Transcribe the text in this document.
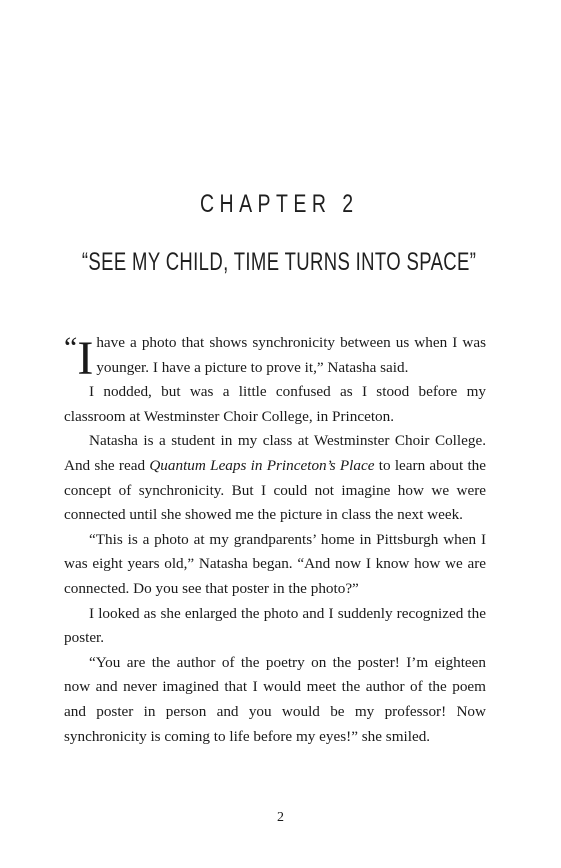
CHAPTER 2
“SEE MY CHILD, TIME TURNS INTO SPACE”

“ I have a photo that shows synchronicity between us when I was younger. I have a picture to prove it,” Natasha said.

I nodded, but was a little confused as I stood before my classroom at Westminster Choir College, in Princeton.

Natasha is a student in my class at Westminster Choir College. And she read Quantum Leaps in Princeton’s Place to learn about the concept of synchronicity. But I could not imagine how we were connected until she showed me the picture in class the next week.

“This is a photo at my grandparents’ home in Pittsburgh when I was eight years old,” Natasha began. “And now I know how we are connected. Do you see that poster in the photo?”

I looked as she enlarged the photo and I suddenly recognized the poster.

“You are the author of the poetry on the poster! I’m eighteen now and never imagined that I would meet the author of the poem and poster in person and you would be my professor! Now synchronicity is coming to life before my eyes!” she smiled.

2
